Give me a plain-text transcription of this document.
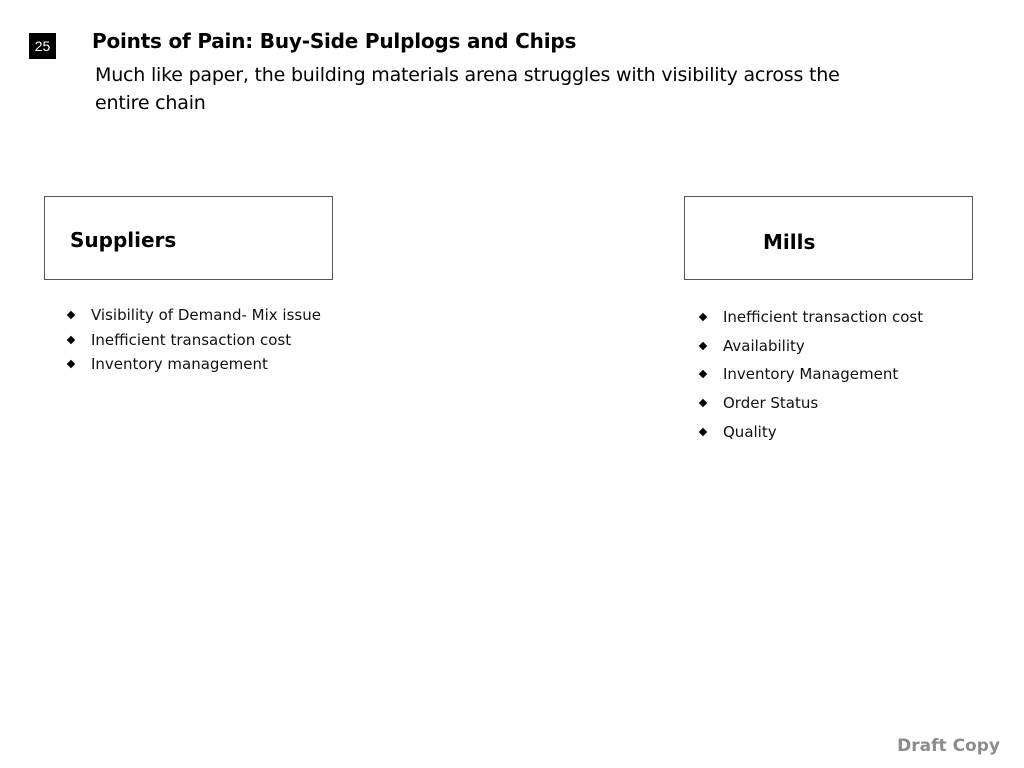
25 Points of Pain: Buy-Side Pulplogs and Chips
Much like paper, the building materials arena struggles with visibility across the entire chain
Suppliers	Mills
Visibility of Demand- Mix issue
Inefficient transaction cost
Inventory management
Inefficient transaction cost
Availability
Inventory Management
Order Status
Quality
Draft Copy
